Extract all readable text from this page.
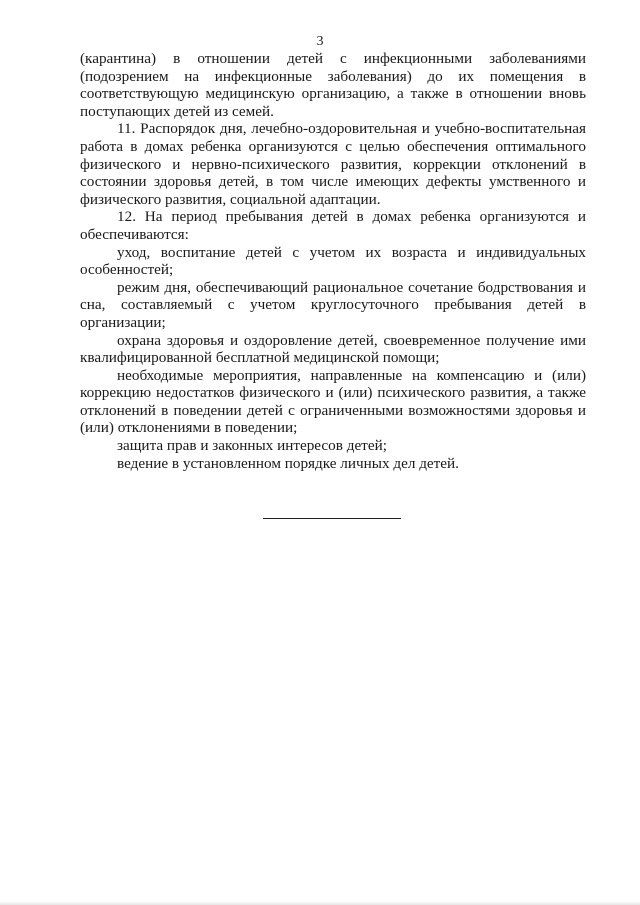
3

(карантина) в отношении детей с инфекционными заболеваниями (подозрением на инфекционные заболевания) до их помещения в соответствующую медицинскую организацию, а также в отношении вновь поступающих детей из семей.

11. Распорядок дня, лечебно-оздоровительная и учебно-воспитательная работа в домах ребенка организуются с целью обеспечения оптимального физического и нервно-психического развития, коррекции отклонений в состоянии здоровья детей, в том числе имеющих дефекты умственного и физического развития, социальной адаптации.

12. На период пребывания детей в домах ребенка организуются и обеспечиваются:

уход, воспитание детей с учетом их возраста и индивидуальных особенностей;

режим дня, обеспечивающий рациональное сочетание бодрствования и сна, составляемый с учетом круглосуточного пребывания детей в организации;

охрана здоровья и оздоровление детей, своевременное получение ими квалифицированной бесплатной медицинской помощи;

необходимые мероприятия, направленные на компенсацию и (или) коррекцию недостатков физического и (или) психического развития, а также отклонений в поведении детей с ограниченными возможностями здоровья и (или) отклонениями в поведении;

защита прав и законных интересов детей;

ведение в установленном порядке личных дел детей.
